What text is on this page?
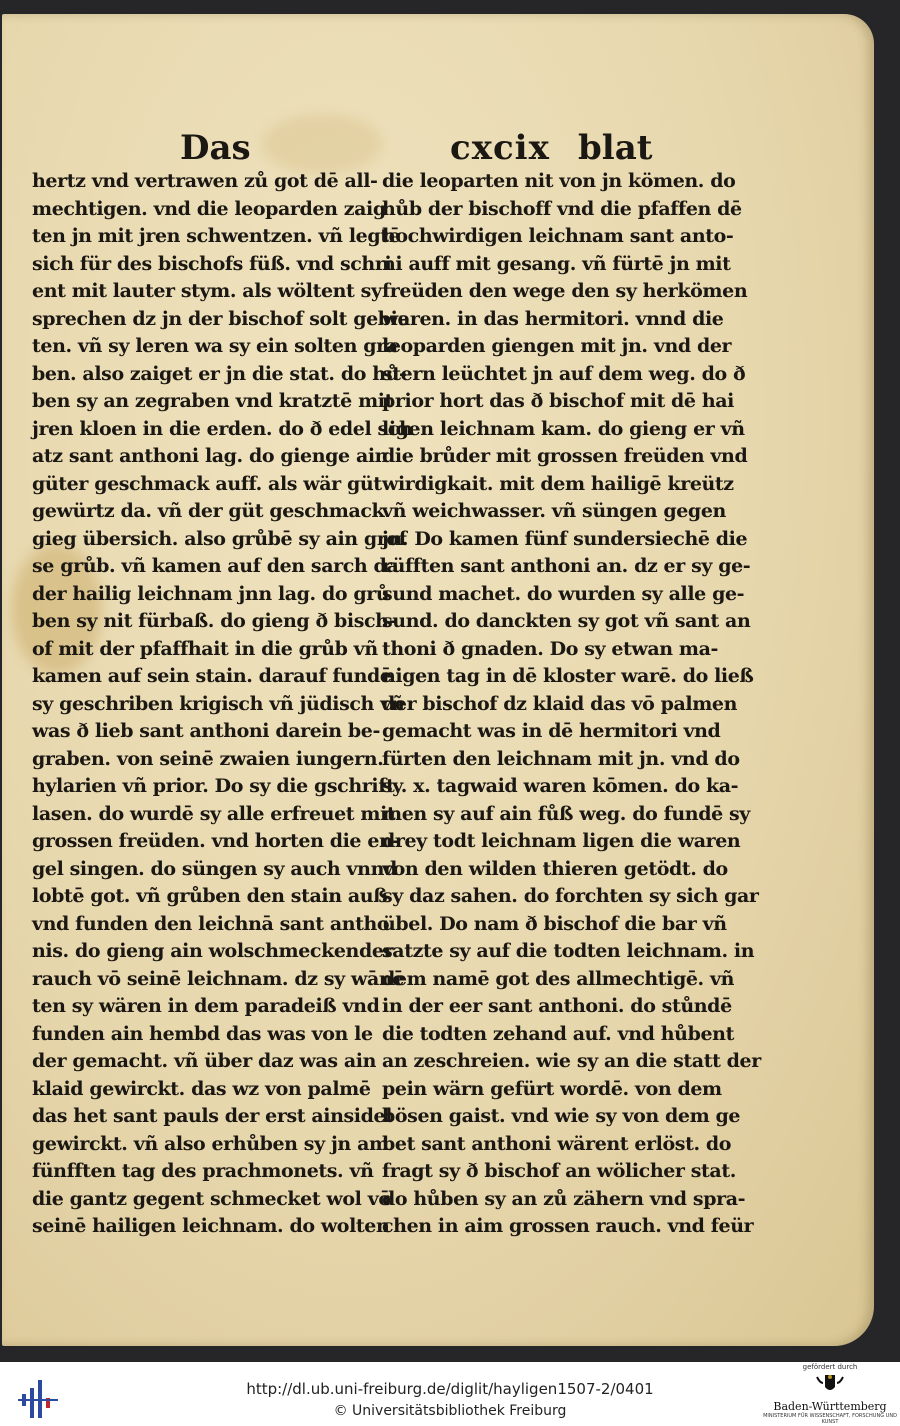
Das	cxcix blat
hertz vnd vertrawen zů got dē all-
mechtigen. vnd die leoparden zaig
ten jn mit jren schwentzen. vñ legtē
sich für des bischofs füß. vnd schri
ent mit lauter stym. als wöltent sy
sprechen dz jn der bischof solt gebie
ten. vñ sy leren wa sy ein solten gra
ben. also zaiget er jn die stat. do hů-
ben sy an zegraben vnd kratztē mit
jren kloen in die erden. do ð edel sch
atz sant anthoni lag. do gienge ain
güter geschmack auff. als wär güt
gewürtz da. vñ der güt geschmack
gieg übersich. also grůbē sy ain grof
se grůb. vñ kamen auf den sarch da
der hailig leichnam jnn lag. do grů
ben sy nit fürbaß. do gieng ð bisch-
of mit der pfaffhait in die grůb vñ
kamen auf sein stain. darauf fundē
sy geschriben krigisch vñ jüdisch vñ
was ð lieb sant anthoni darein be-
graben. von seinē zwaien iungern.
hylarien vñ prior. Do sy die gschrift
lasen. do wurdē sy alle erfreuet mit
grossen freüden. vnd horten die en-
gel singen. do süngen sy auch vnnd
lobtē got. vñ grůben den stain auß
vnd funden den leichnā sant antho
nis. do gieng ain wolschmeckender
rauch vō seinē leichnam. dz sy wānē
ten sy wären in dem paradeiß vnd
funden ain hembd das was von le
der gemacht. vñ über daz was ain
klaid gewirckt. das wz von palmē
das het sant pauls der erst ainsidel
gewirckt. vñ also erhůben sy jn am
fünfften tag des prachmonets. vñ
die gantz gegent schmecket wol vō
seinē hailigen leichnam. do wolten
die leoparten nit von jn kömen. do
hůb der bischoff vnd die pfaffen dē
hochwirdigen leichnam sant anto-
ni auff mit gesang. vñ fürtē jn mit
freüden den wege den sy herkömen
waren. in das hermitori. vnnd die
leoparden giengen mit jn. vnd der
stern leüchtet jn auf dem weg. do ð
prior hort das ð bischof mit dē hai
ligen leichnam kam. do gieng er vñ
die brůder mit grossen freüden vnd
wirdigkait. mit dem hailigē kreütz
vñ weichwasser. vñ süngen gegen
jn. Do kamen fünf sundersiechē die
rüfften sant anthoni an. dz er sy ge-
sund machet. do wurden sy alle ge-
sund. do danckten sy got vñ sant an
thoni ð gnaden. Do sy etwan ma-
nigen tag in dē kloster warē. do ließ
der bischof dz klaid das vō palmen
gemacht was in dē hermitori vnd
fürten den leichnam mit jn. vnd do
sy. x. tagwaid waren kōmen. do ka-
men sy auf ain fůß weg. do fundē sy
drey todt leichnam ligen die waren
von den wilden thieren getödt. do
sy daz sahen. do forchten sy sich gar
übel. Do nam ð bischof die bar vñ
satzte sy auf die todten leichnam. in
dem namē got des allmechtigē. vñ
in der eer sant anthoni. do stůndē
die todten zehand auf. vnd hůbent
an zeschreien. wie sy an die statt der
pein wärn gefürt wordē. von dem
bösen gaist. vnd wie sy von dem ge
bet sant anthoni wärent erlöst. do
fragt sy ð bischof an wölicher stat.
do hůben sy an zů zähern vnd spra-
chen in aim grossen rauch. vnd feür
http://dl.ub.uni-freiburg.de/diglit/hayligen1507-2/0401
© Universitätsbibliothek Freiburg
gefördert durch
Baden-Württemberg
MINISTERIUM FÜR WISSENSCHAFT, FORSCHUNG UND KUNST
